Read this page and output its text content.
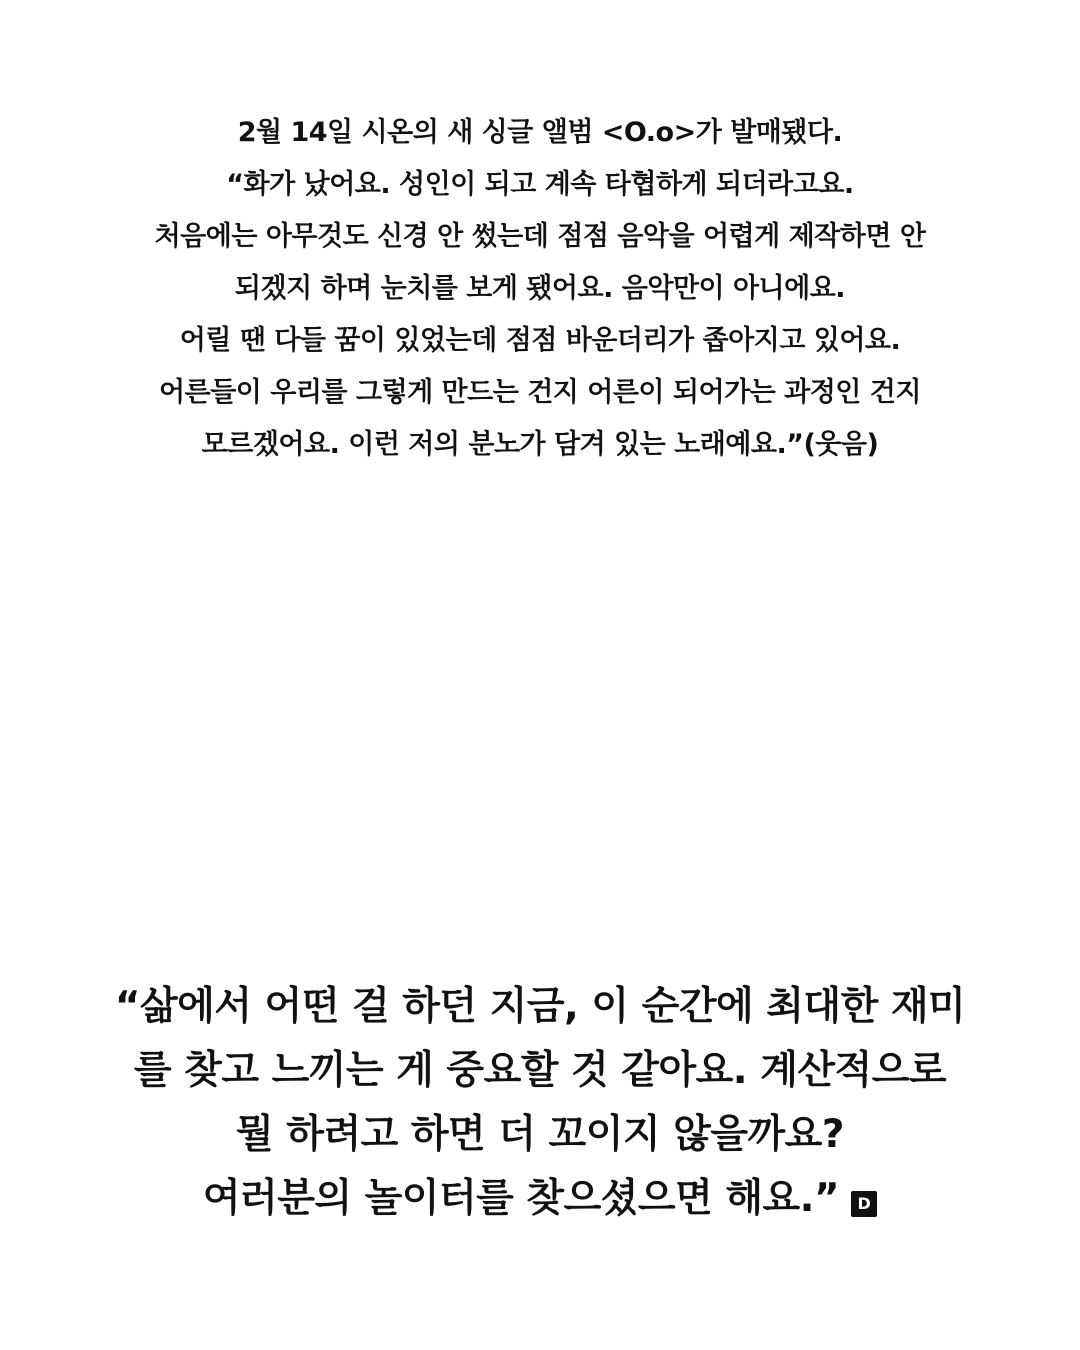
2월 14일 시온의 새 싱글 앨범 <O.o>가 발매됐다.
“화가 났어요. 성인이 되고 계속 타협하게 되더라고요.
처음에는 아무것도 신경 안 썼는데 점점 음악을 어렵게 제작하면 안
되겠지 하며 눈치를 보게 됐어요. 음악만이 아니에요.
어릴 땐 다들 꿈이 있었는데 점점 바운더리가 좁아지고 있어요.
어른들이 우리를 그렇게 만드는 건지 어른이 되어가는 과정인 건지
모르겠어요. 이런 저의 분노가 담겨 있는 노래예요.”(웃음)
“삶에서 어떤 걸 하던 지금, 이 순간에 최대한 재미
를 찾고 느끼는 게 중요할 것 같아요. 계산적으로
뭘 하려고 하면 더 꼬이지 않을까요?
여러분의 놀이터를 찾으셨으면 해요.” D
